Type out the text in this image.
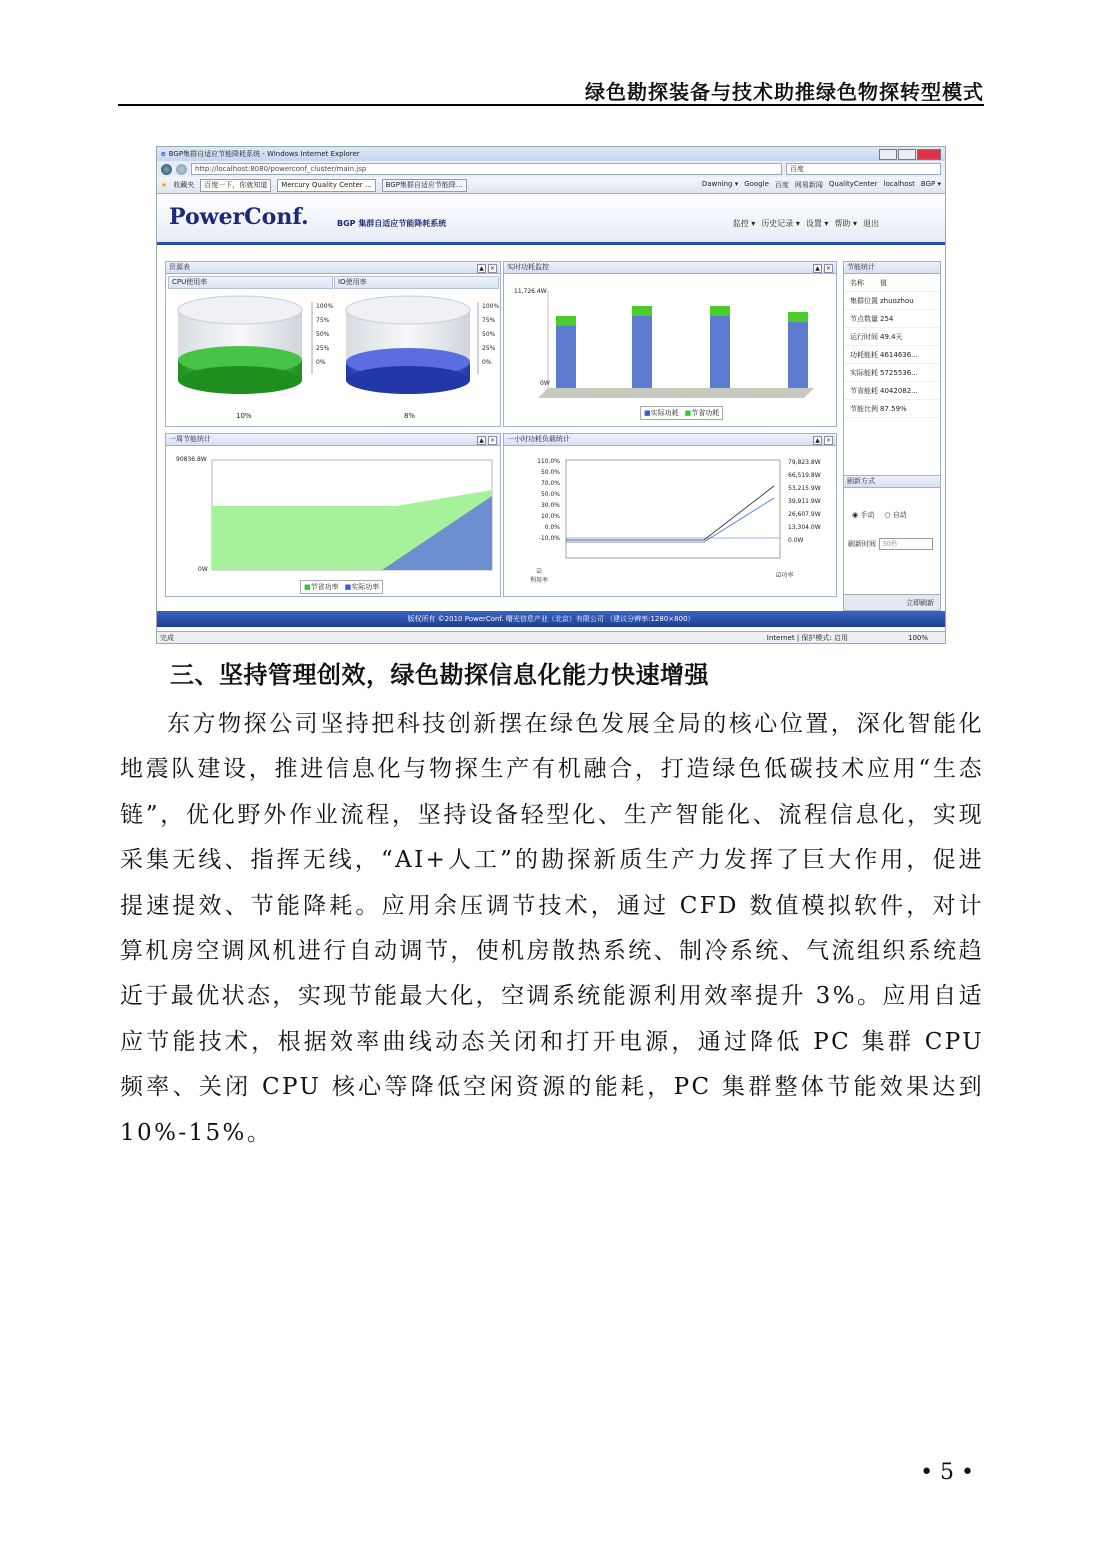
绿色勘探装备与技术助推绿色物探转型模式
e BGP集群自适应节能降耗系统 - Windows Internet Explorer
http://localhost:8080/powerconf_cluster/main.jsp	百度
★ 收藏夹	百度一下，你就知道	Mercury Quality Center ...	BGP集群自适应节能降...	Dawning ▾ Google 百度 网易新闻 QualityCenter localhost BGP ▾
PowerConf.	BGP 集群自适应节能降耗系统	监控 ▾ 历史记录 ▾ 设置 ▾ 帮助 ▾ 退出
资源表	▲	×
CPU使用率	IO使用率
100%
75%
50%
25%
0%
100%
75%
50%
25%
0%
10%	8%
实时功耗监控	▲	×
11,726.4W
0W
■实际功耗 ■节省功耗
节能统计
名称	值
集群位置 zhuozhou
节点数量 254
运行时间 49.4天
功耗能耗 4614636...
实际能耗 5725536...
节省能耗 4042082...
节能比例 87.59%
刷新方式
◉ 手动 ○ 自动
刷新时间 30秒
立即刷新
一周节能统计	▲	×
90836.8W
0W
■节省功率 ■实际功率
一小时功耗负载统计	▲	×
110.0%
50.0%
70.0%
50.0%
30.0%
10.0%
0.0%
-10.0%
79,823.8W
66,519.8W
53,215.9W
39,911.9W
26,607.9W
13,304.0W
0.0W
☑
利用率
☑功率
版权所有 ©2010 PowerConf. 曙光信息产业（北京）有限公司 （建议分辨率:1280×800）
完成	Internet | 保护模式: 启用	100%
三、坚持管理创效，绿色勘探信息化能力快速增强
东方物探公司坚持把科技创新摆在绿色发展全局的核心位置，深化智能化地震队建设，推进信息化与物探生产有机融合，打造绿色低碳技术应用“生态链”，优化野外作业流程，坚持设备轻型化、生产智能化、流程信息化，实现采集无线、指挥无线，“AI+人工”的勘探新质生产力发挥了巨大作用，促进提速提效、节能降耗。应用余压调节技术，通过 CFD 数值模拟软件，对计算机房空调风机进行自动调节，使机房散热系统、制冷系统、气流组织系统趋近于最优状态，实现节能最大化，空调系统能源利用效率提升 3%。应用自适应节能技术，根据效率曲线动态关闭和打开电源，通过降低 PC 集群 CPU 频率、关闭 CPU 核心等降低空闲资源的能耗，PC 集群整体节能效果达到 10%-15%。
• 5 •
